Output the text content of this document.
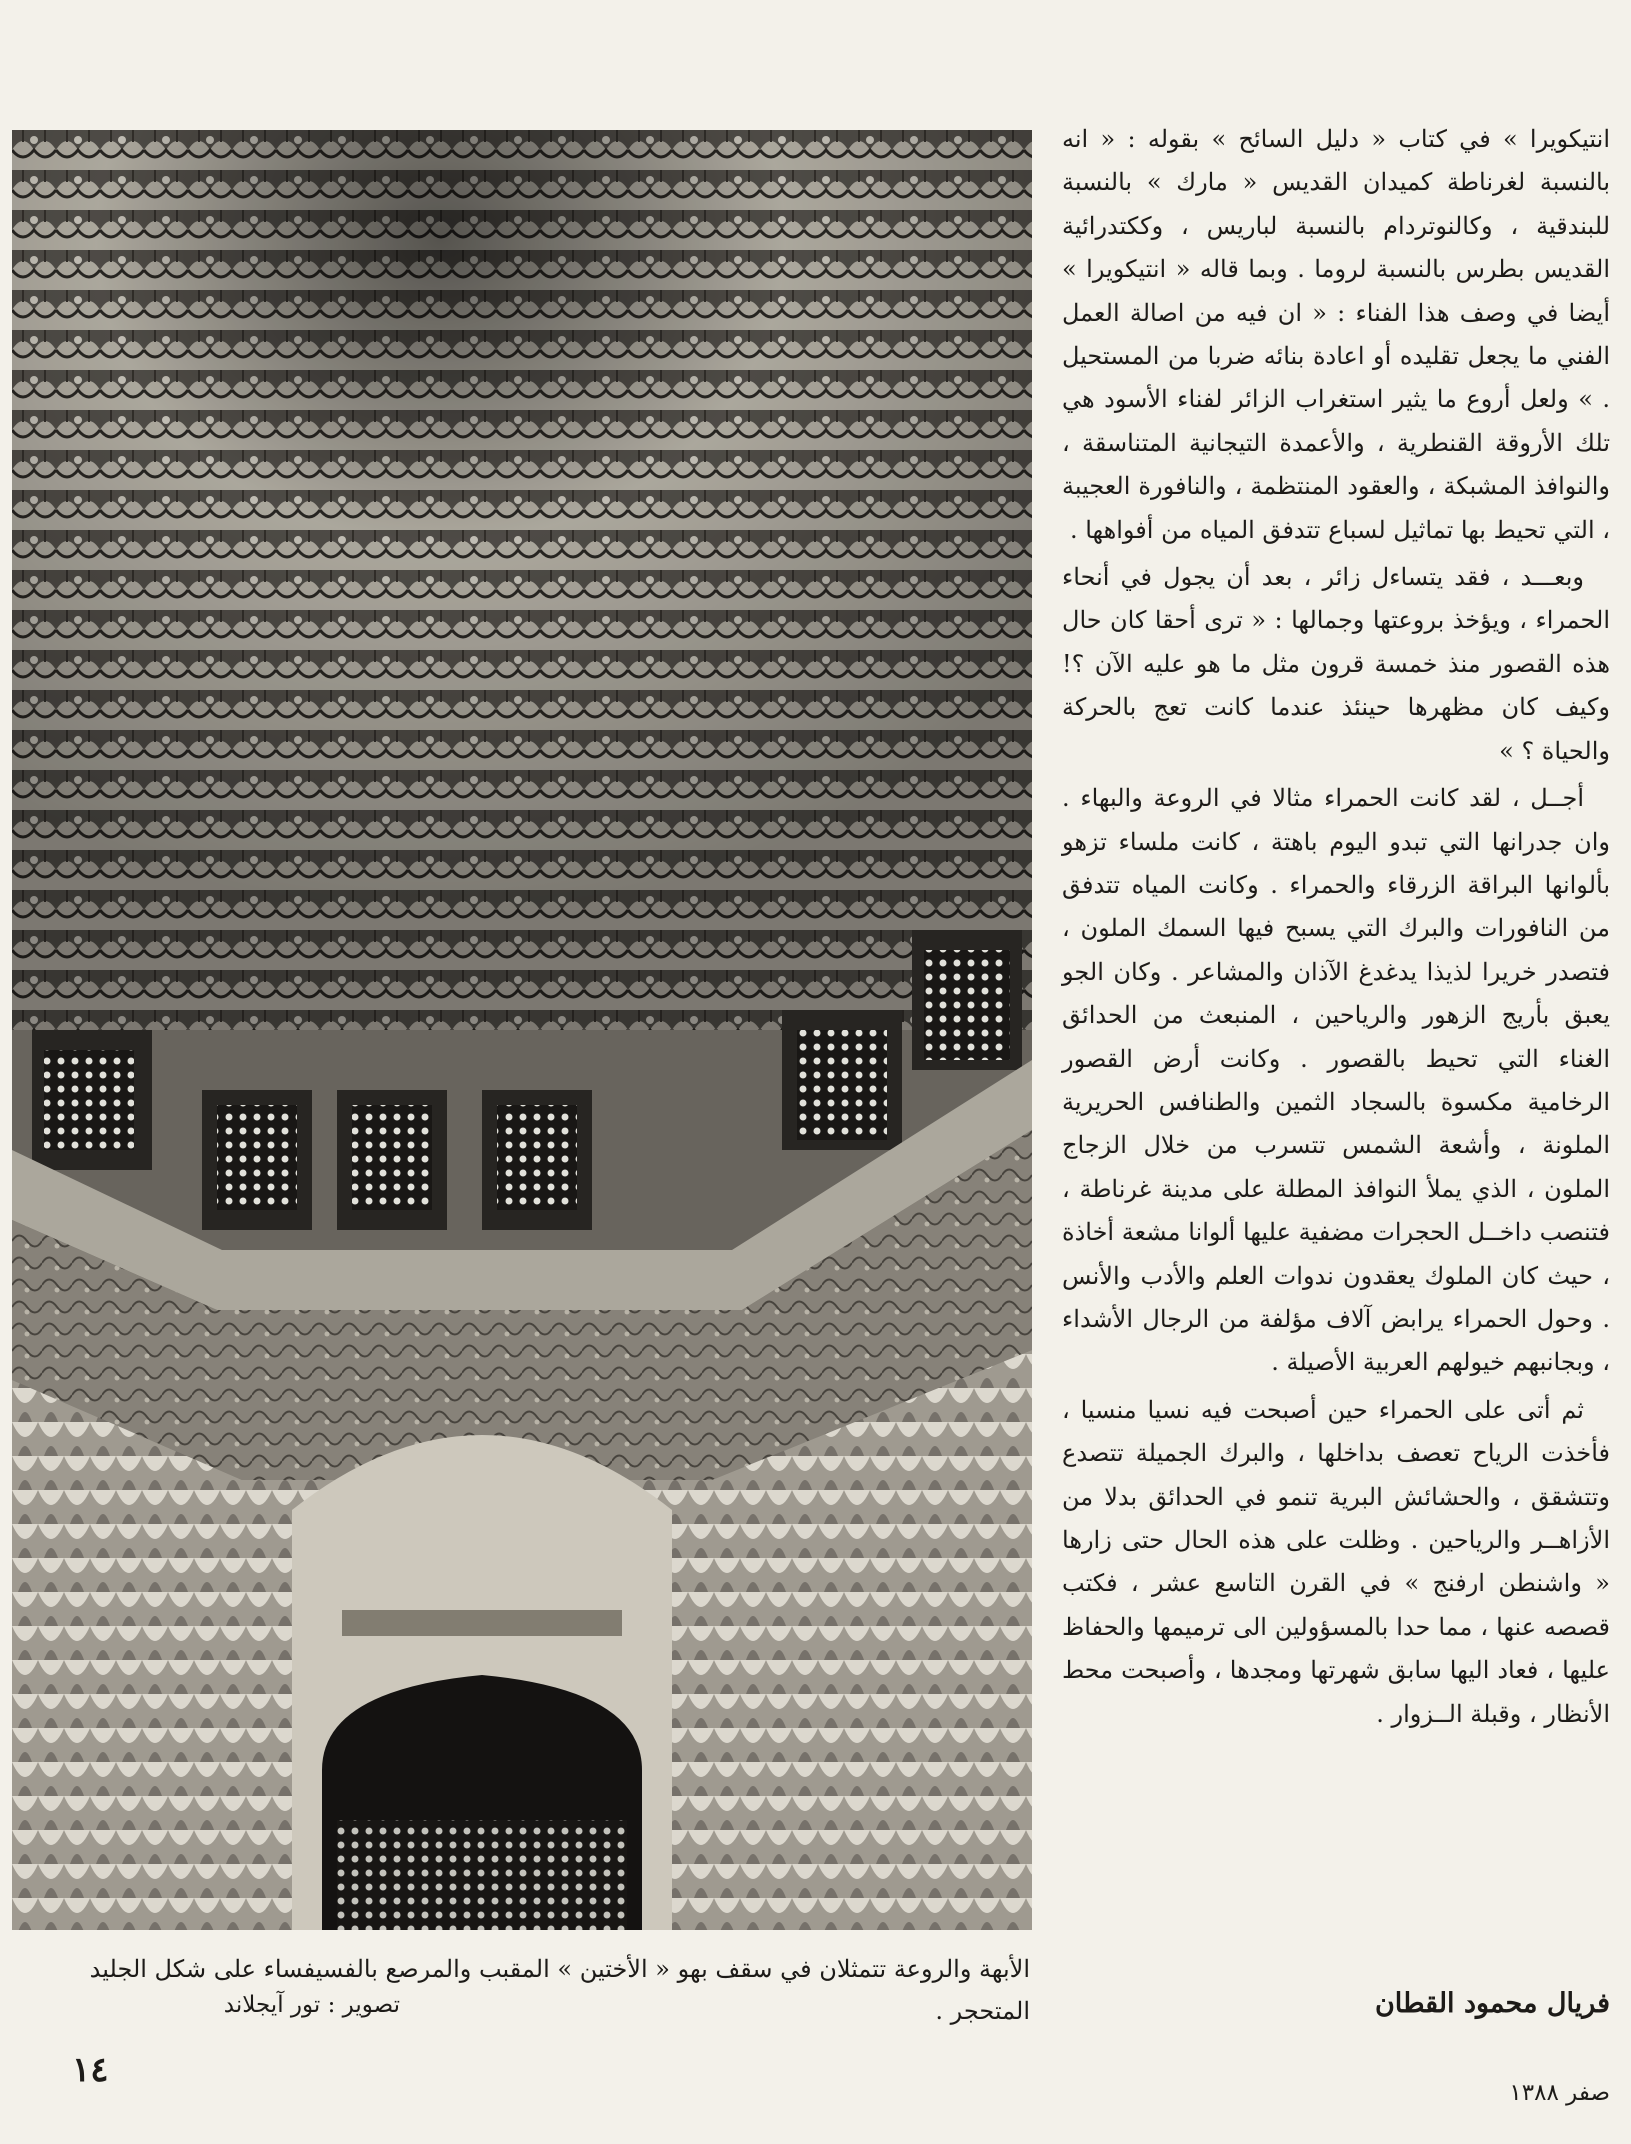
الأبهة والروعة تتمثلان في سقف بهو « الأختين » المقبب والمرصع بالفسيفساء على شكل الجليد المتحجر .
تصوير : تور آيجلاند
١٤

انتيكويرا » في كتاب « دليل السائح » بقوله : « انه بالنسبة لغرناطة كميدان القديس « مارك » بالنسبة للبندقية ، وكالنوتردام بالنسبة لباريس ، وككتدرائية القديس بطرس بالنسبة لروما . وبما قاله « انتيكويرا » أيضا في وصف هذا الفناء : « ان فيه من اصالة العمل الفني ما يجعل تقليده أو اعادة بنائه ضربا من المستحيل . » ولعل أروع ما يثير استغراب الزائر لفناء الأسود هي تلك الأروقة القنطرية ، والأعمدة التيجانية المتناسقة ، والنوافذ المشبكة ، والعقود المنتظمة ، والنافورة العجيبة ، التي تحيط بها تماثيل لسباع تتدفق المياه من أفواهها .

وبعـــد ، فقد يتساءل زائر ، بعد أن يجول في أنحاء الحمراء ، ويؤخذ بروعتها وجمالها : « ترى أحقا كان حال هذه القصور منذ خمسة قرون مثل ما هو عليه الآن ؟! وكيف كان مظهرها حينئذ عندما كانت تعج بالحركة والحياة ؟ »

أجــل ، لقد كانت الحمراء مثالا في الروعة والبهاء . وان جدرانها التي تبدو اليوم باهتة ، كانت ملساء تزهو بألوانها البراقة الزرقاء والحمراء . وكانت المياه تتدفق من النافورات والبرك التي يسبح فيها السمك الملون ، فتصدر خريرا لذيذا يدغدغ الآذان والمشاعر . وكان الجو يعبق بأريج الزهور والرياحين ، المنبعث من الحدائق الغناء التي تحيط بالقصور . وكانت أرض القصور الرخامية مكسوة بالسجاد الثمين والطنافس الحريرية الملونة ، وأشعة الشمس تتسرب من خلال الزجاج الملون ، الذي يملأ النوافذ المطلة على مدينة غرناطة ، فتنصب داخــل الحجرات مضفية عليها ألوانا مشعة أخاذة ، حيث كان الملوك يعقدون ندوات العلم والأدب والأنس . وحول الحمراء يرابض آلاف مؤلفة من الرجال الأشداء ، وبجانبهم خيولهم العربية الأصيلة .

ثم أتى على الحمراء حين أصبحت فيه نسيا منسيا ، فأخذت الرياح تعصف بداخلها ، والبرك الجميلة تتصدع وتتشقق ، والحشائش البرية تنمو في الحدائق بدلا من الأزاهــر والرياحين . وظلت على هذه الحال حتى زارها « واشنطن ارفنج » في القرن التاسع عشر ، فكتب قصصه عنها ، مما حدا بالمسؤولين الى ترميمها والحفاظ عليها ، فعاد اليها سابق شهرتها ومجدها ، وأصبحت محط الأنظار ، وقبلة الــزوار .

فريال محمود القطان
صفر ١٣٨٨
